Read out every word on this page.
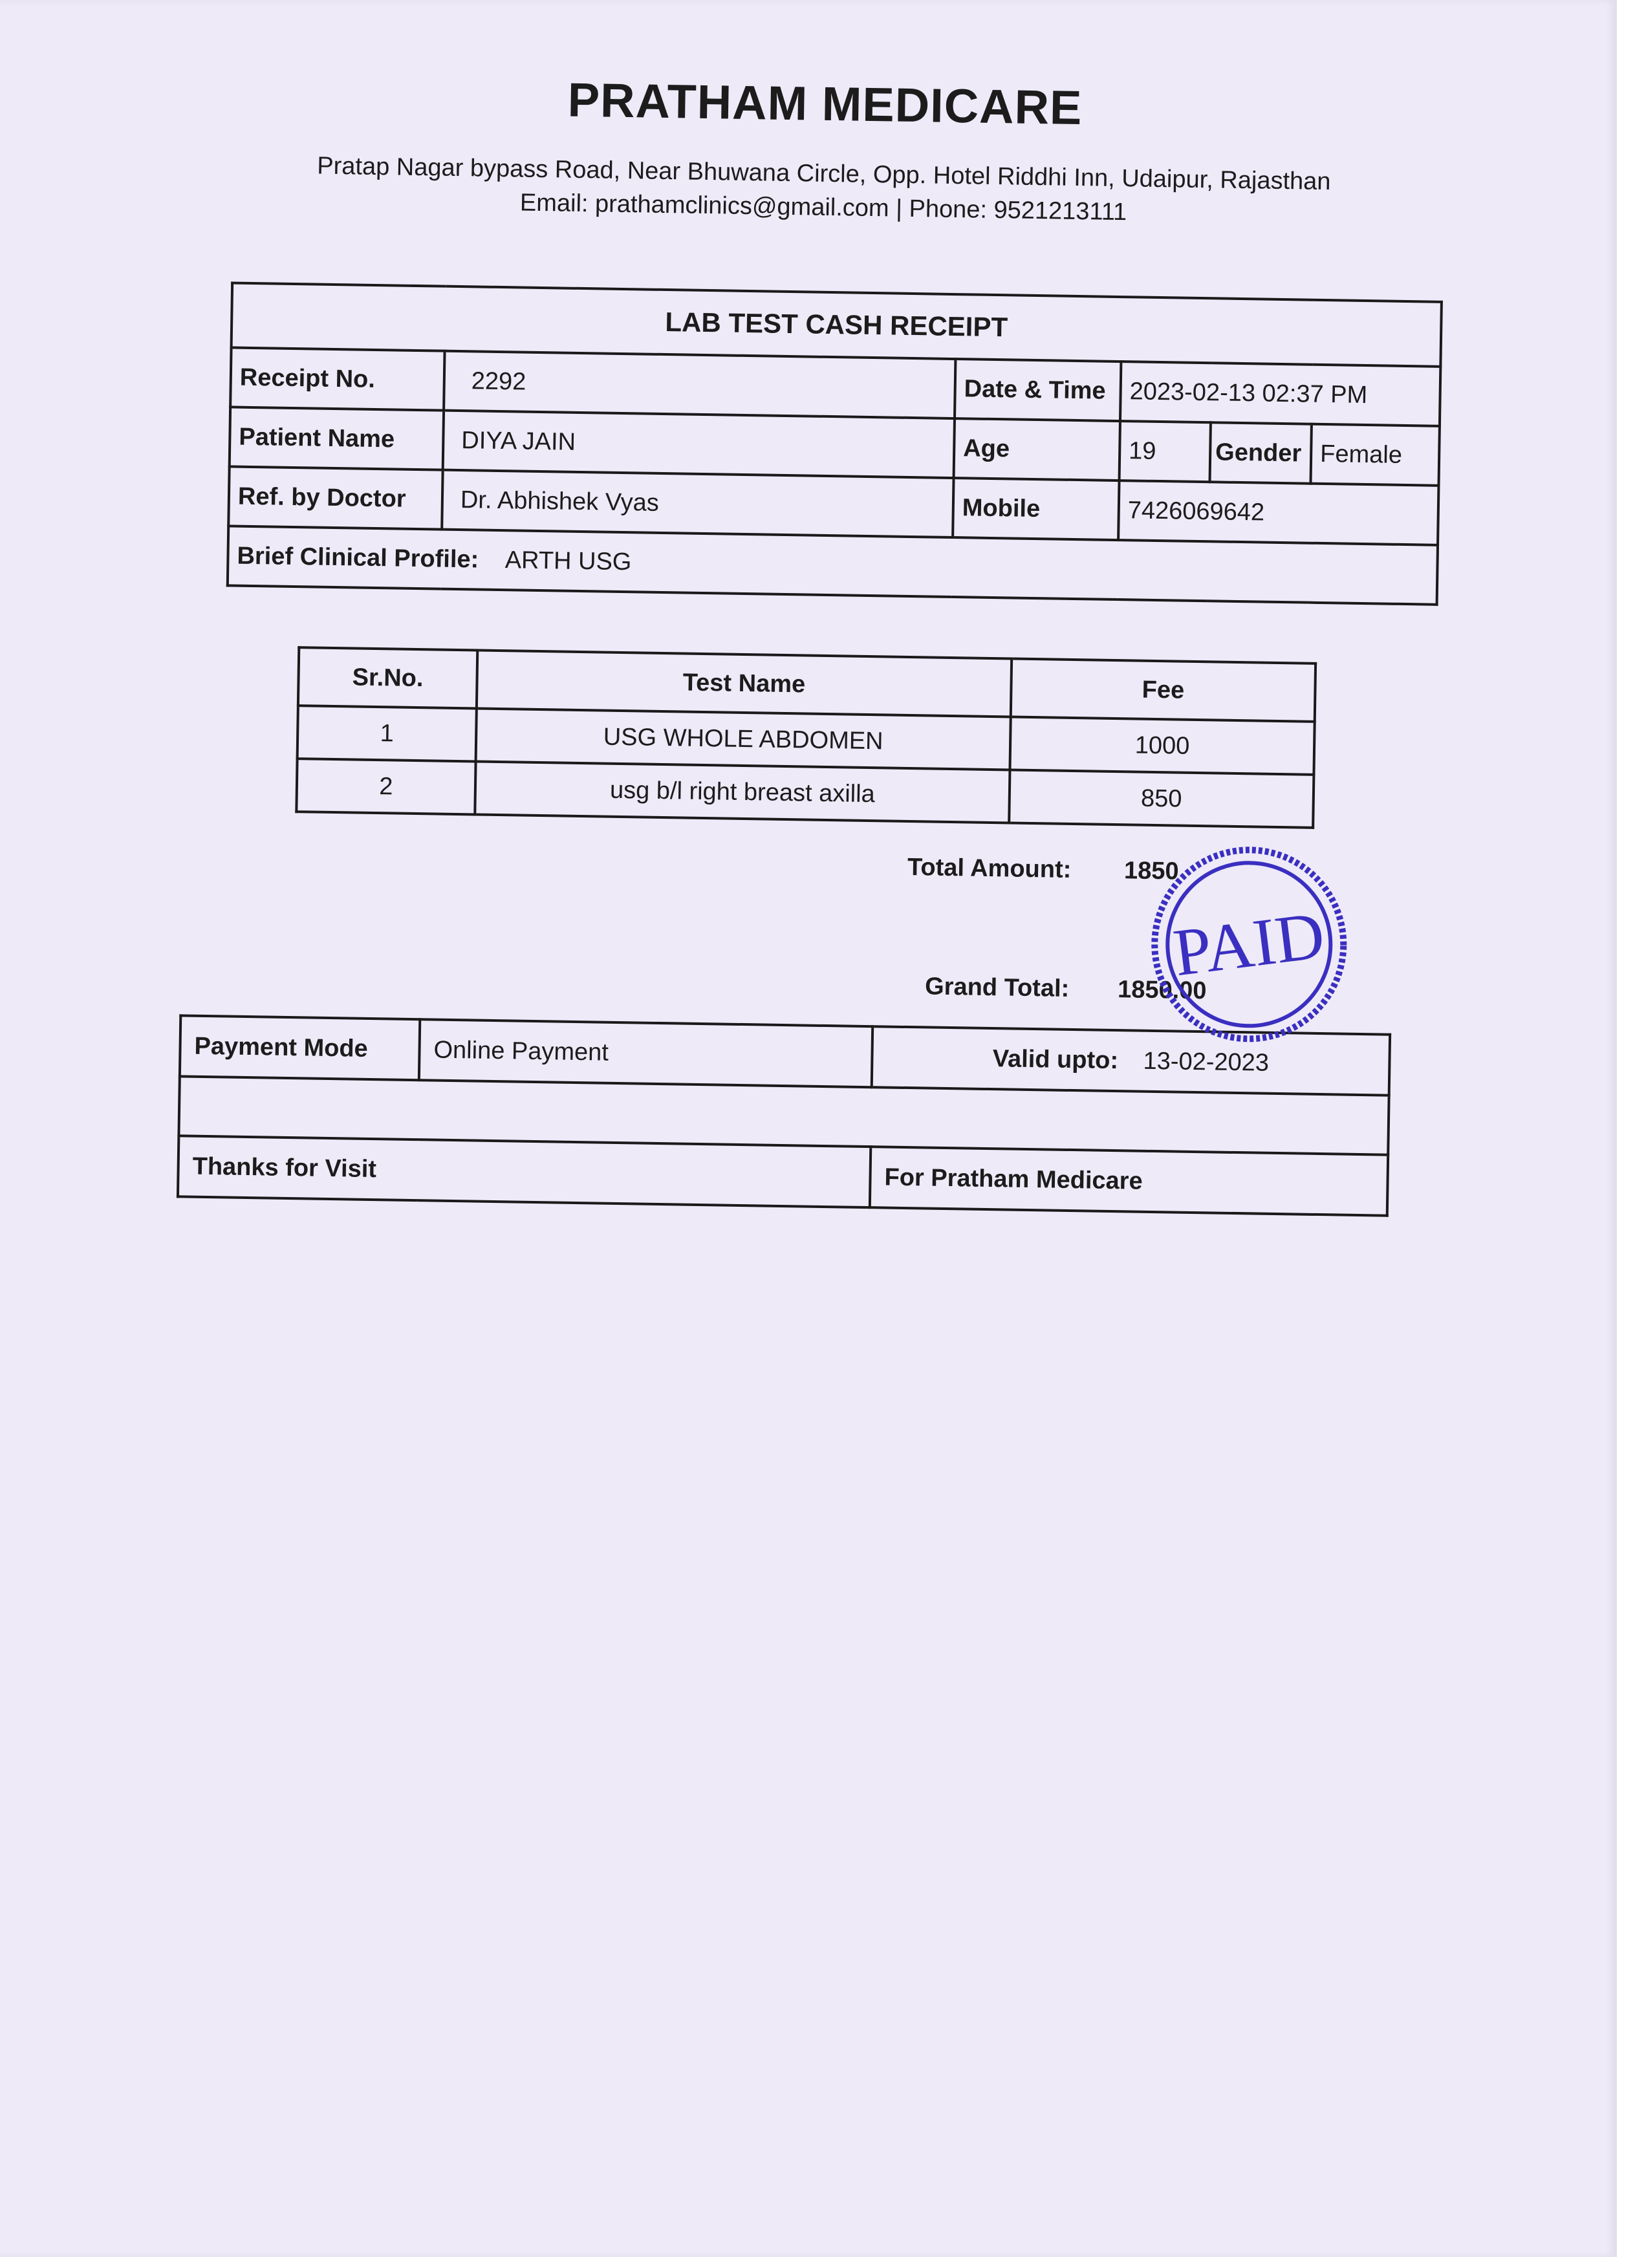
PRATHAM MEDICARE
Pratap Nagar bypass Road, Near Bhuwana Circle, Opp. Hotel Riddhi Inn, Udaipur, Rajasthan
Email: prathamclinics@gmail.com | Phone: 9521213111
LAB TEST CASH RECEIPT					
Receipt No.	2292	Date & Time	2023-02-13 02:37 PM		
Patient Name	DIYA JAIN	Age	19	Gender	Female
Ref. by Doctor	Dr. Abhishek Vyas	Mobile	7426069642		
Brief Clinical Profile: ARTH USG					
Sr.No.	Test Name	Fee
1	USG WHOLE ABDOMEN	1000
2	usg b/l right breast axilla	850
Total Amount: 1850
Grand Total: 1850.00
Payment Mode	Online Payment	Valid upto: 13-02-2023

Thanks for Visit		For Pratham Medicare
PAID
